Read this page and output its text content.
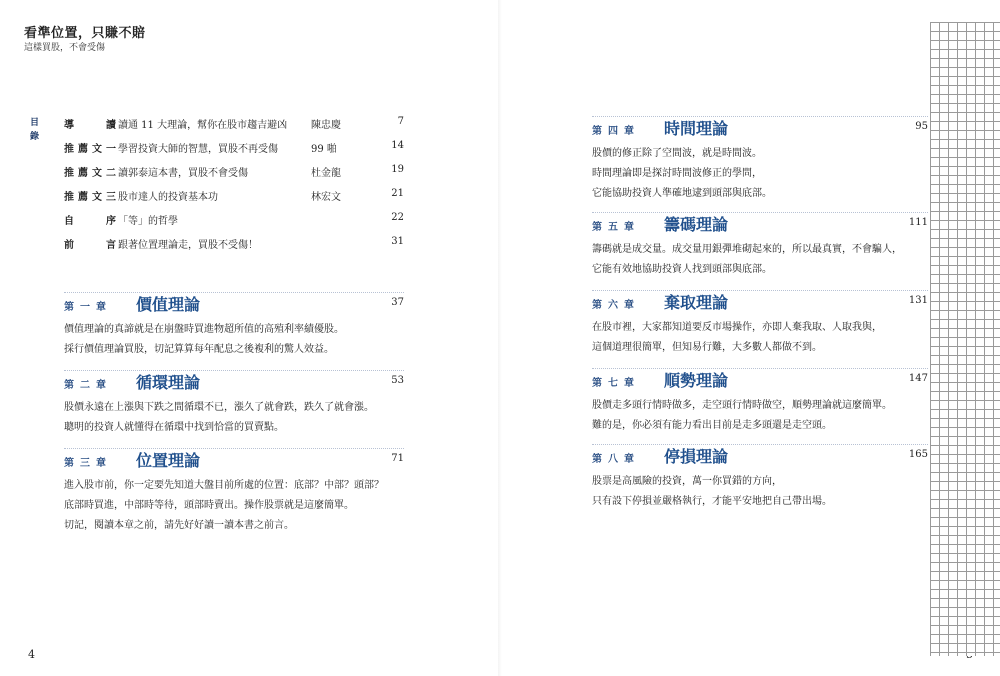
看準位置，只賺不賠
這樣買股，不會受傷
目錄
導　讀 讀通 11 大理論，幫你在股市趨吉避凶 陳忠慶	7
推薦文一 學習投資大師的智慧，買股不再受傷	99 啪	14
推薦文二 讀郭泰這本書，買股不會受傷	杜金龍	19
推薦文三 股市達人的投資基本功	林宏文	21
自　序 「等」的哲學	22
前　言 跟著位置理論走，買股不受傷！	31
第一章 價值理論	37
價值理論的真諦就是在崩盤時買進物超所值的高殖利率績優股。
採行價值理論買股，切記算算每年配息之後複利的驚人效益。
第二章 循環理論	53
股價永遠在上漲與下跌之間循環不已，漲久了就會跌，跌久了就會漲。
聰明的投資人就懂得在循環中找到恰當的買賣點。
第三章 位置理論	71
進入股市前，你一定要先知道大盤目前所處的位置：底部？中部？頭部？
底部時買進，中部時等待，頭部時賣出。操作股票就是這麼簡單。
切記，閱讀本章之前，請先好好讀一讀本書之前言。
4
第四章 時間理論	95
股價的修正除了空間波，就是時間波。
時間理論即是探討時間波修正的學問，
它能協助投資人準確地逮到頭部與底部。
第五章 籌碼理論	111
籌碼就是成交量。成交量用銀彈堆砌起來的，所以最真實，不會騙人，
它能有效地協助投資人找到頭部與底部。
第六章 棄取理論	131
在股市裡，大家都知道要反市場操作，亦即人棄我取、人取我與，
這個道理很簡單，但知易行難，大多數人都做不到。
第七章 順勢理論	147
股價走多頭行情時做多，走空頭行情時做空，順勢理論就這麼簡單。
難的是，你必須有能力看出目前是走多頭還是走空頭。
第八章 停損理論	165
股票是高風險的投資，萬一你買錯的方向，
只有設下停損並嚴格執行，才能平安地把自己帶出場。
